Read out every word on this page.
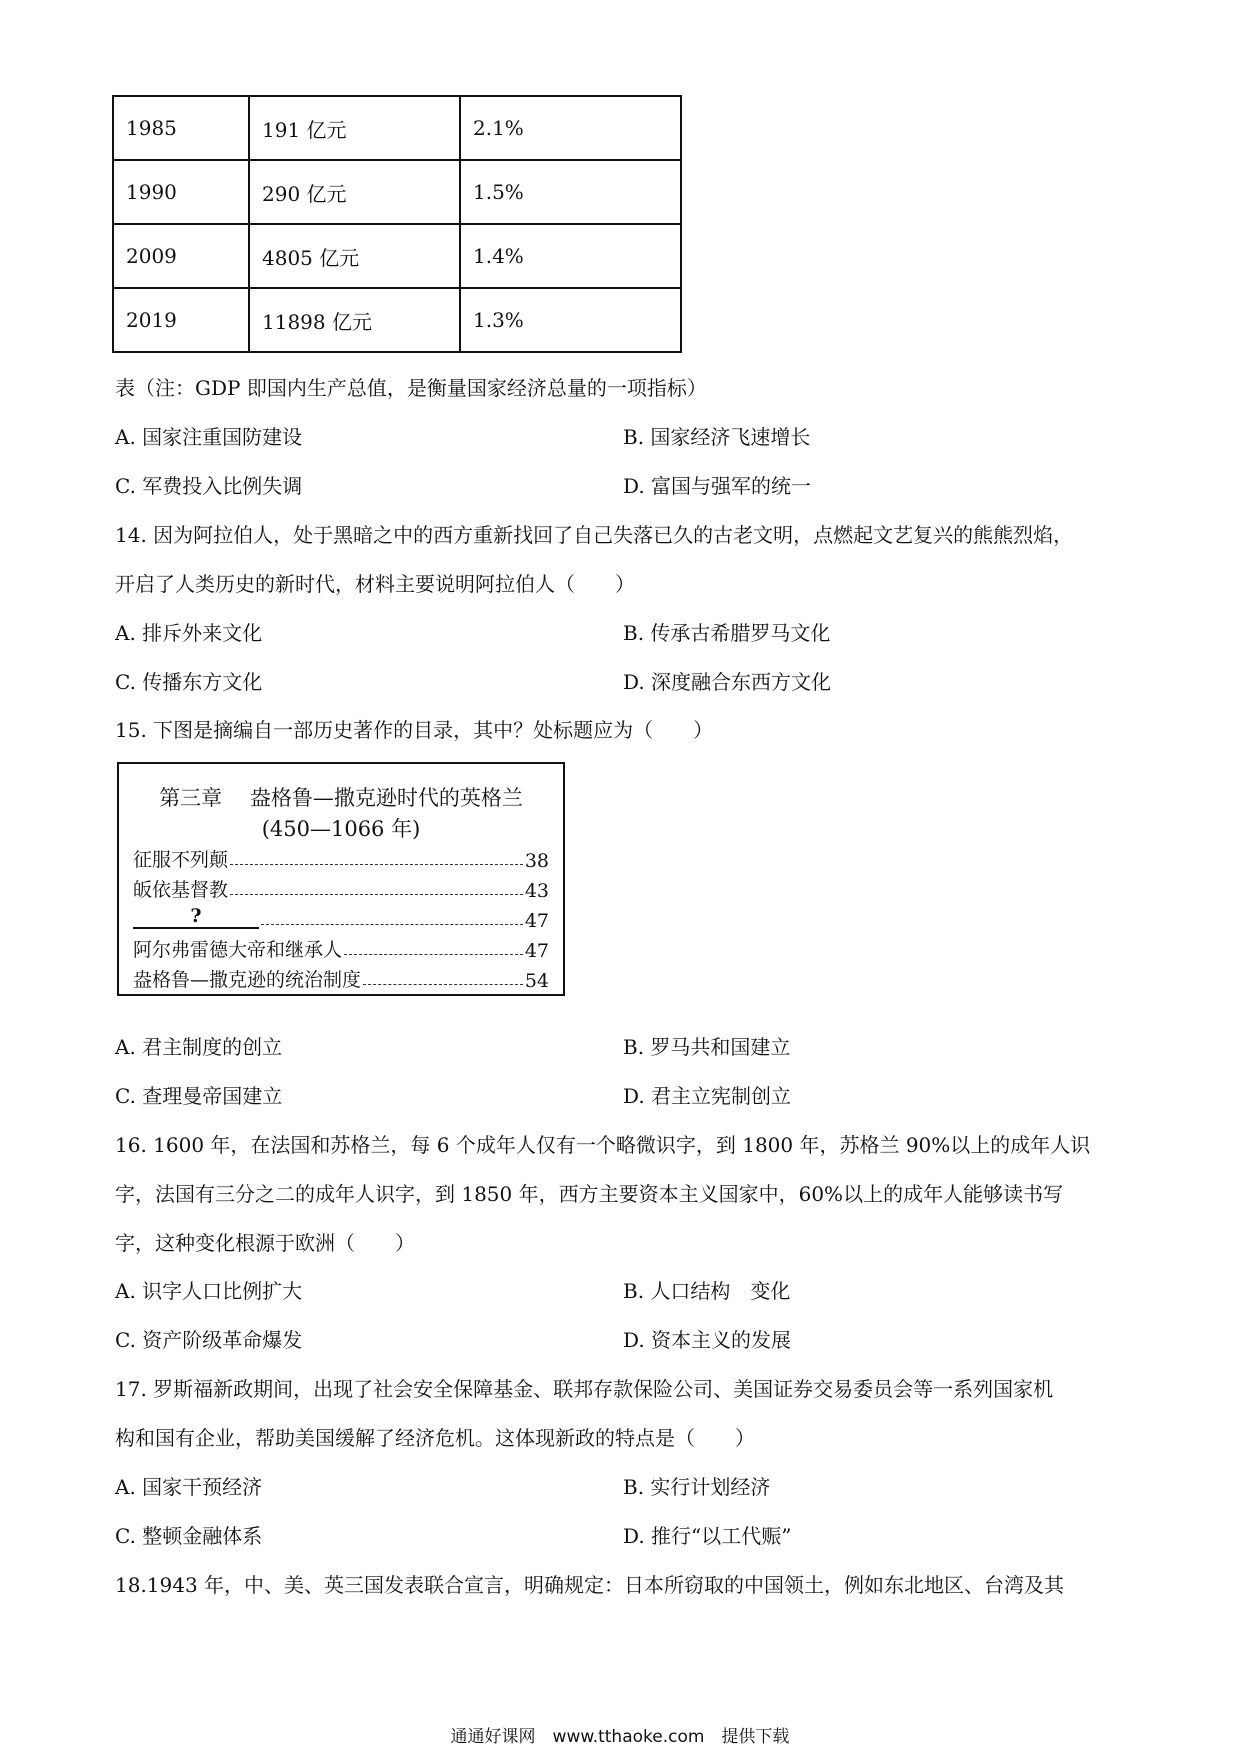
1985	191 亿元	2.1%
1990	290 亿元	1.5%
2009	4805 亿元	1.4%
2019	11898 亿元	1.3%
表（注：GDP 即国内生产总值，是衡量国家经济总量的一项指标）
A. 国家注重国防建设	B. 国家经济飞速增长
C. 军费投入比例失调	D. 富国与强军的统一
14. 因为阿拉伯人，处于黑暗之中的西方重新找回了自己失落已久的古老文明，点燃起文艺复兴的熊熊烈焰，
开启了人类历史的新时代，材料主要说明阿拉伯人（　　）
A. 排斥外来文化	B. 传承古希腊罗马文化
C. 传播东方文化	D. 深度融合东西方文化
15. 下图是摘编自一部历史著作的目录，其中？处标题应为（　　）
第三章　 盎格鲁—撒克逊时代的英格兰
(450—1066 年)
征服不列颠	38
皈依基督教	43
?	47
阿尔弗雷德大帝和继承人	47
盎格鲁—撒克逊的统治制度	54
A. 君主制度的创立	B. 罗马共和国建立
C. 查理曼帝国建立	D. 君主立宪制创立
16. 1600 年，在法国和苏格兰，每 6 个成年人仅有一个略微识字，到 1800 年，苏格兰 90%以上的成年人识
字，法国有三分之二的成年人识字，到 1850 年，西方主要资本主义国家中，60%以上的成年人能够读书写
字，这种变化根源于欧洲（　　）
A. 识字人口比例扩大	B. 人口结构　变化
C. 资产阶级革命爆发	D. 资本主义的发展
17. 罗斯福新政期间，出现了社会安全保障基金、联邦存款保险公司、美国证券交易委员会等一系列国家机
构和国有企业，帮助美国缓解了经济危机。这体现新政的特点是（　　）
A. 国家干预经济	B. 实行计划经济
C. 整顿金融体系	D. 推行“以工代赈”
18.1943 年，中、美、英三国发表联合宣言，明确规定：日本所窃取的中国领土，例如东北地区、台湾及其
通通好课网　www.tthaoke.com　提供下载
